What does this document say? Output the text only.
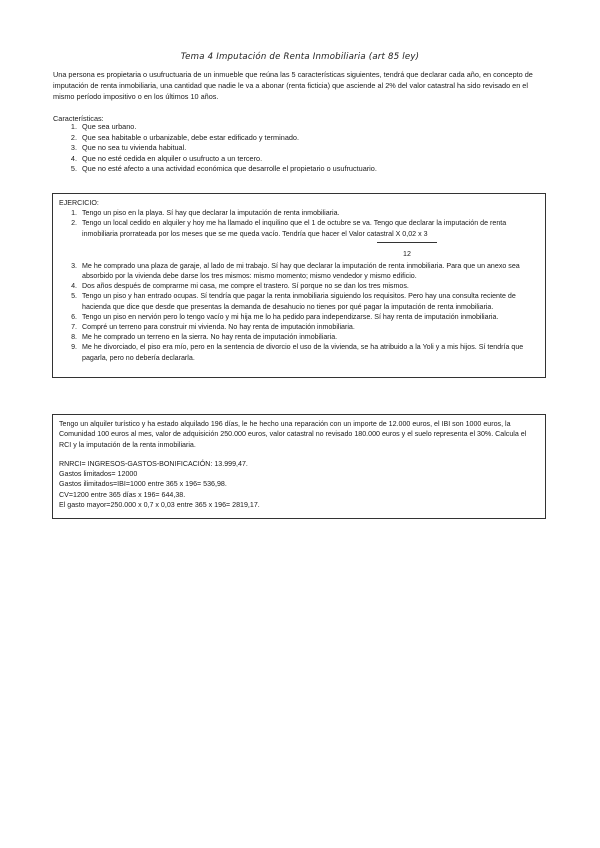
Tema 4 Imputación de Renta Inmobiliaria (art 85 ley)
Una persona es propietaria o usufructuaria de un inmueble que reúna las 5 características siguientes, tendrá que declarar cada año, en concepto de imputación de renta inmobiliaria, una cantidad que nadie le va a abonar (renta ficticia) que asciende al 2% del valor catastral ha sido revisado en el mismo período impositivo o en los últimos 10 años.
Características:
1. Que sea urbano.
2. Que sea habitable o urbanizable, debe estar edificado y terminado.
3. Que no sea tu vivienda habitual.
4. Que no esté cedida en alquiler o usufructo a un tercero.
5. Que no esté afecto a una actividad económica que desarrolle el propietario o usufructuario.
EJERCICIO:
1. Tengo un piso en la playa. Sí hay que declarar la imputación de renta inmobiliaria.
2. Tengo un local cedido en alquiler y hoy me ha llamado el inquilino que el 1 de octubre se va. Tengo que declarar la imputación de renta inmobiliaria prorrateada por los meses que se me queda vacío. Tendría que hacer el Valor catastral X 0,02 x 3
12
3. Me he comprado una plaza de garaje, al lado de mi trabajo. Sí hay que declarar la imputación de renta inmobiliaria. Para que un anexo sea absorbido por la vivienda debe darse los tres mismos: mismo momento; mismo vendedor y mismo edificio.
4. Dos años después de comprarme mi casa, me compre el trastero. Sí porque no se dan los tres mismos.
5. Tengo un piso y han entrado ocupas. Sí tendría que pagar la renta inmobiliaria siguiendo los requisitos. Pero hay una consulta reciente de hacienda que dice que desde que presentas la demanda de desahucio no tienes por qué pagar la imputación de renta inmobiliaria.
6. Tengo un piso en nervión pero lo tengo vacío y mi hija me lo ha pedido para independizarse. Sí hay renta de imputación inmobiliaria.
7. Compré un terreno para construir mi vivienda. No hay renta de imputación inmobiliaria.
8. Me he comprado un terreno en la sierra. No hay renta de imputación inmobiliaria.
9. Me he divorciado, el piso era mío, pero en la sentencia de divorcio el uso de la vivienda, se ha atribuido a la Yoli y a mis hijos. Sí tendría que pagarla, pero no debería declararla.
Tengo un alquiler turístico y ha estado alquilado 196 días, le he hecho una reparación con un importe de 12.000 euros, el IBI son 1000 euros, la Comunidad 100 euros al mes, valor de adquisición 250.000 euros, valor catastral no revisado 180.000 euros y el suelo representa el 30%. Calcula el RCI y la imputación de la renta inmobiliaria.
RNRCI= INGRESOS-GASTOS-BONIFICACIÓN: 13.999,47.
Gastos limitados= 12000
Gastos ilimitados=IBI=1000 entre 365 x 196= 536,98.
CV=1200 entre 365 días x 196= 644,38.
El gasto mayor=250.000 x 0,7 x 0,03 entre 365 x 196= 2819,17.
